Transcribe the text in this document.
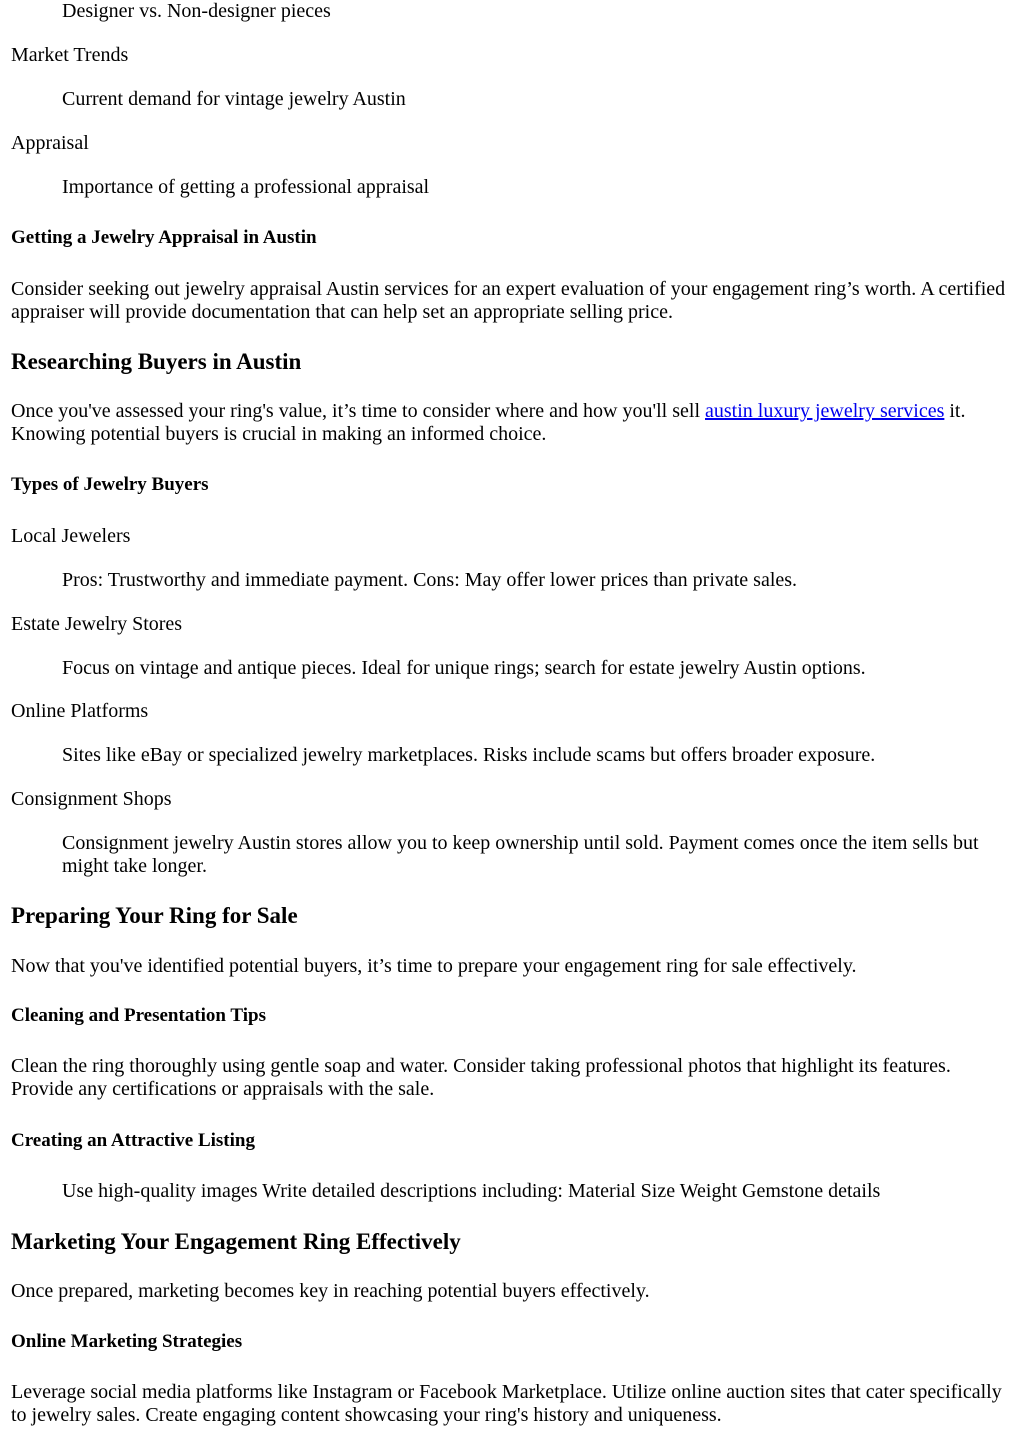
Designer vs. Non-designer pieces
Market Trends
Current demand for vintage jewelry Austin
Appraisal
Importance of getting a professional appraisal
Getting a Jewelry Appraisal in Austin

Consider seeking out jewelry appraisal Austin services for an expert evaluation of your engagement ring’s worth. A certified appraiser will provide documentation that can help set an appropriate selling price.

Researching Buyers in Austin

Once you've assessed your ring's value, it’s time to consider where and how you'll sell austin luxury jewelry services it. Knowing potential buyers is crucial in making an informed choice.

Types of Jewelry Buyers
Local Jewelers
Pros: Trustworthy and immediate payment. Cons: May offer lower prices than private sales.
Estate Jewelry Stores
Focus on vintage and antique pieces. Ideal for unique rings; search for estate jewelry Austin options.
Online Platforms
Sites like eBay or specialized jewelry marketplaces. Risks include scams but offers broader exposure.
Consignment Shops
Consignment jewelry Austin stores allow you to keep ownership until sold. Payment comes once the item sells but might take longer.
Preparing Your Ring for Sale

Now that you've identified potential buyers, it’s time to prepare your engagement ring for sale effectively.

Cleaning and Presentation Tips

Clean the ring thoroughly using gentle soap and water. Consider taking professional photos that highlight its features. Provide any certifications or appraisals with the sale.

Creating an Attractive Listing
Use high-quality images Write detailed descriptions including: Material Size Weight Gemstone details
Marketing Your Engagement Ring Effectively

Once prepared, marketing becomes key in reaching potential buyers effectively.

Online Marketing Strategies

Leverage social media platforms like Instagram or Facebook Marketplace. Utilize online auction sites that cater specifically to jewelry sales. Create engaging content showcasing your ring's history and uniqueness.
